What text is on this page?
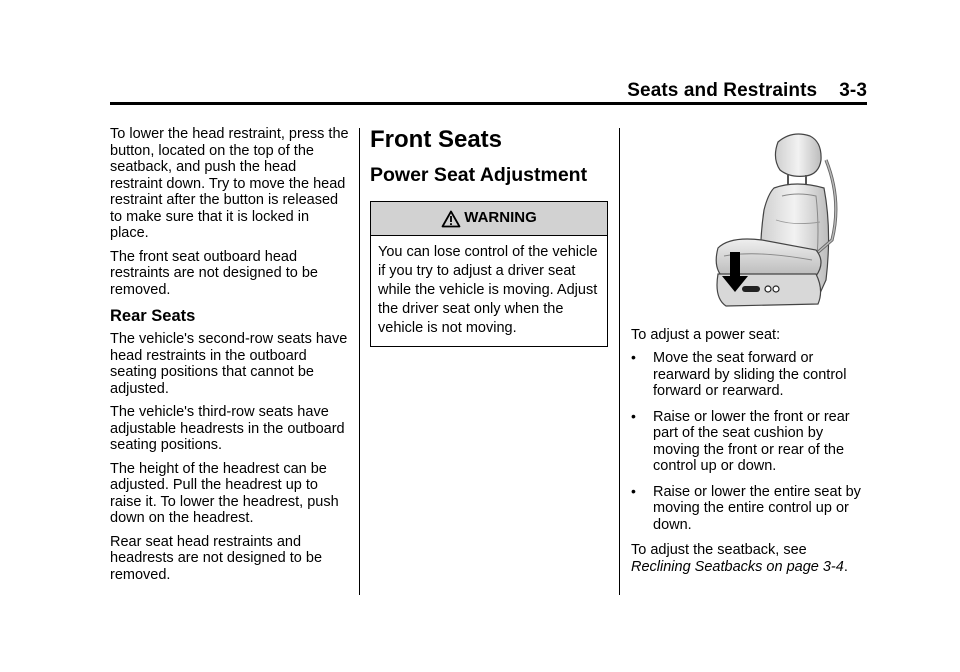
Seats and Restraints 3-3

To lower the head restraint, press the button, located on the top of the seatback, and push the head restraint down. Try to move the head restraint after the button is released to make sure that it is locked in place.

The front seat outboard head restraints are not designed to be removed.

Rear Seats

The vehicle's second-row seats have head restraints in the outboard seating positions that cannot be adjusted.

The vehicle's third-row seats have adjustable headrests in the outboard seating positions.

The height of the headrest can be adjusted. Pull the headrest up to raise it. To lower the headrest, push down on the headrest.

Rear seat head restraints and headrests are not designed to be removed.

Front Seats
Power Seat Adjustment
WARNING
You can lose control of the vehicle if you try to adjust a driver seat while the vehicle is moving. Adjust the driver seat only when the vehicle is not moving.	To adjust a power seat:

• Move the seat forward or rearward by sliding the control forward or rearward.
• Raise or lower the front or rear part of the seat cushion by moving the front or rear of the control up or down.
• Raise or lower the entire seat by moving the entire control up or down.

To adjust the seatback, see
Reclining Seatbacks on page 3-4.
